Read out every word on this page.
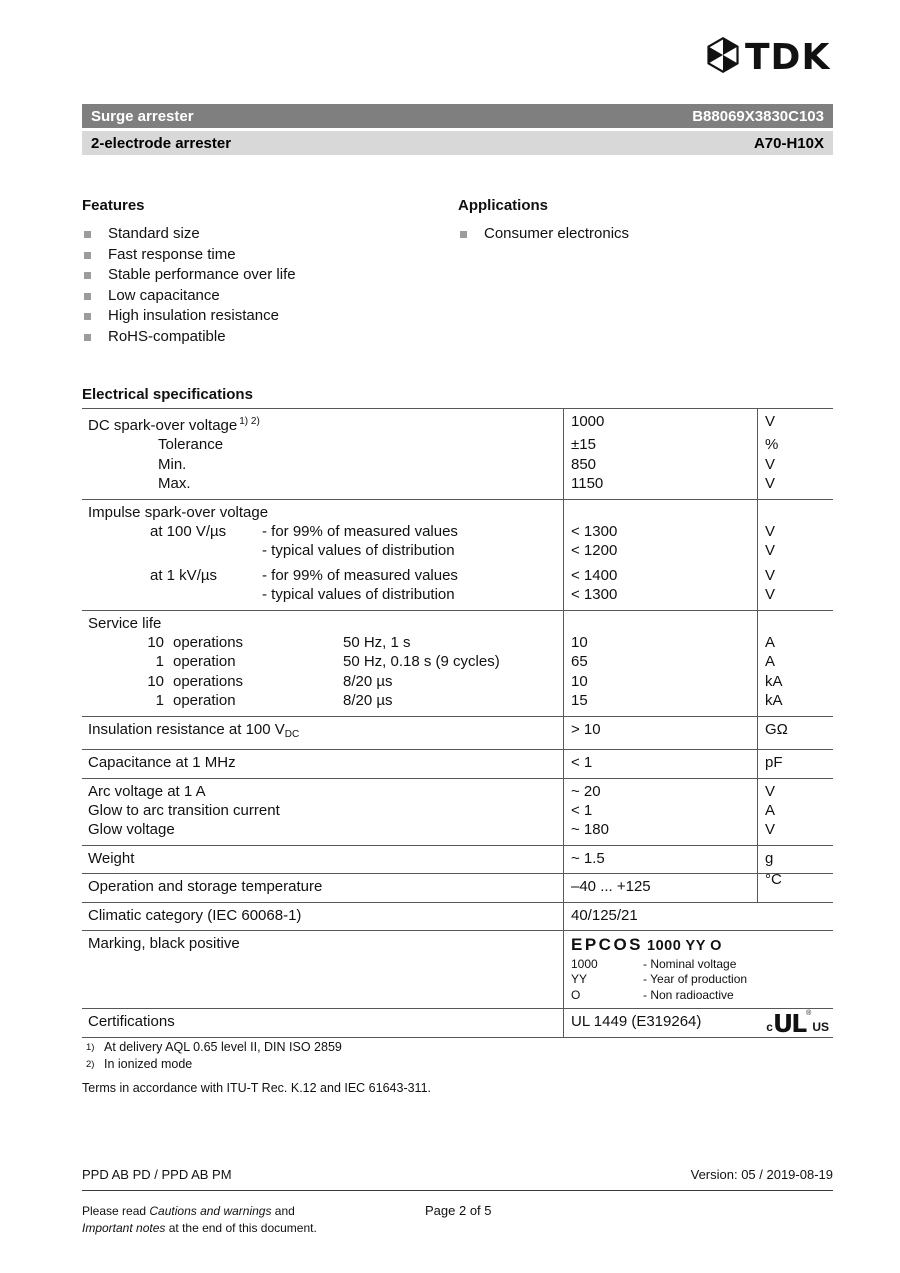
TDK
Surge arrester	B88069X3830C103
2-electrode arrester	A70-H10X
Features
Standard size
Fast response time
Stable performance over life
Low capacitance
High insulation resistance
RoHS-compatible
Applications
Consumer electronics
Electrical specifications
DC spark-over voltage $^{1) 2)}$	1000	V
Tolerance	±15	%
Min.	850	V
Max.	1150	V
Impulse spark-over voltage
at 100 V/µs - for 99% of measured values	< 1300	V
- typical values of distribution	< 1200	V
at 1 kV/µs	- for 99% of measured values	< 1400	V
- typical values of distribution	< 1300	V
Service life
10 operations	50 Hz, 1 s	10	A
1 operation	50 Hz, 0.18 s (9 cycles)	65	A
10 operations	8/20 µs	10	kA
1 operation	8/20 µs	15	kA
Insulation resistance at 100 $V_{DC}$	> 10	GΩ
Capacitance at 1 MHz	< 1	pF
Arc voltage at 1 A	~ 20	V
Glow to arc transition current	< 1	A
Glow voltage	~ 180	V
Weight	~ 1.5	g
Operation and storage temperature	–40 ... +125	°C
Climatic category (IEC 60068-1)	40/125/21
Marking, black positive	EPCOS 1000 YY O
1000	- Nominal voltage
YY	- Year of production
O	- Non radioactive
Certifications	UL 1449 (E319264)	c UL ®
US
1) At delivery AQL 0.65 level II, DIN ISO 2859
2) In ionized mode
Terms in accordance with ITU-T Rec. K.12 and IEC 61643-311.
PPD AB PD / PPD AB PM	Version: 05 / 2019-08-19
Please read Cautions and warnings and
Important notes at the end of this document.
Page 2 of 5
